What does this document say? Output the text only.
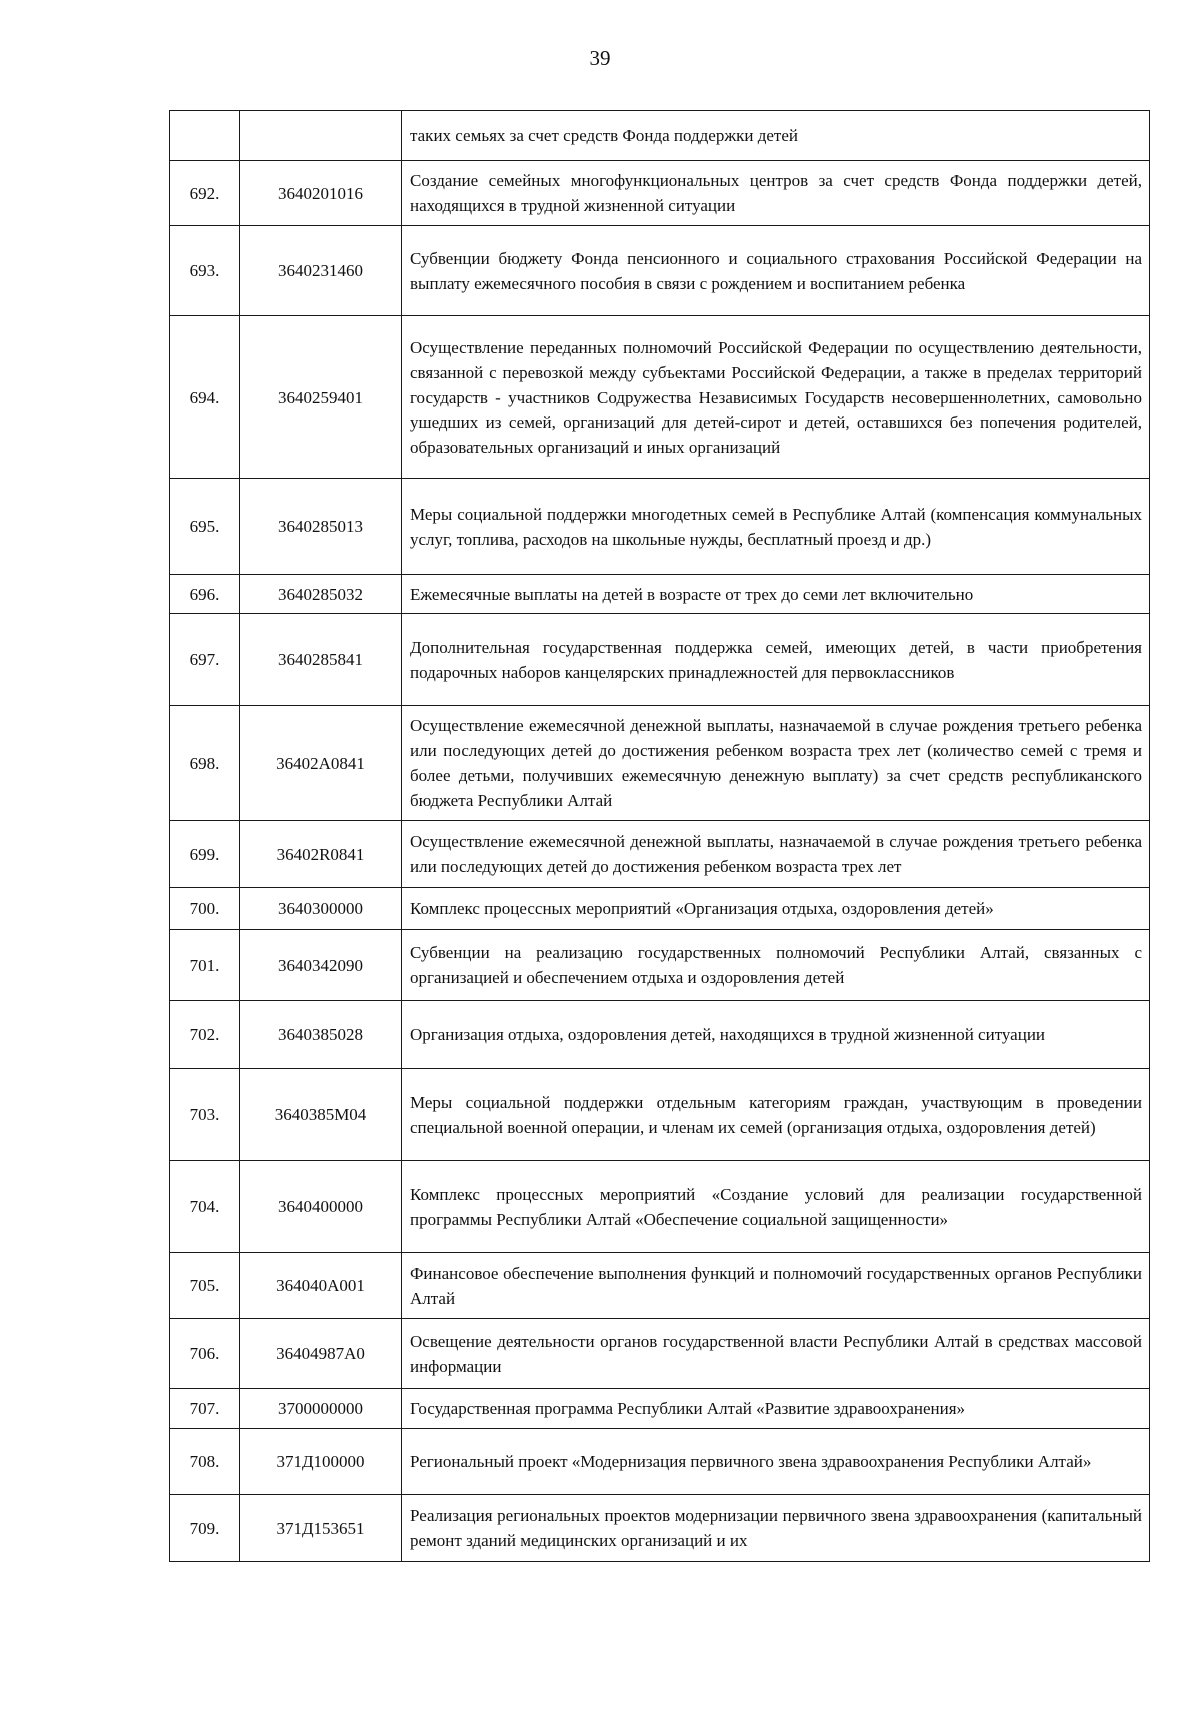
39
		таких семьях за счет средств Фонда поддержки детей
692.	3640201016	Создание семейных многофункциональных центров за счет средств Фонда поддержки детей, находящихся в трудной жизненной ситуации
693.	3640231460	Субвенции бюджету Фонда пенсионного и социального страхования Российской Федерации на выплату ежемесячного пособия в связи с рождением и воспитанием ребенка
694.	3640259401	Осуществление переданных полномочий Российской Федерации по осуществлению деятельности, связанной с перевозкой между субъектами Российской Федерации, а также в пределах территорий государств - участников Содружества Независимых Государств несовершеннолетних, самовольно ушедших из семей, организаций для детей-сирот и детей, оставшихся без попечения родителей, образовательных организаций и иных организаций
695.	3640285013	Меры социальной поддержки многодетных семей в Республике Алтай (компенсация коммунальных услуг, топлива, расходов на школьные нужды, бесплатный проезд и др.)
696.	3640285032	Ежемесячные выплаты на детей в возрасте от трех до семи лет включительно
697.	3640285841	Дополнительная государственная поддержка семей, имеющих детей, в части приобретения подарочных наборов канцелярских принадлежностей для первоклассников
698.	36402А0841	Осуществление ежемесячной денежной выплаты, назначаемой в случае рождения третьего ребенка или последующих детей до достижения ребенком возраста трех лет (количество семей с тремя и более детьми, получивших ежемесячную денежную выплату) за счет средств республиканского бюджета Республики Алтай
699.	36402R0841	Осуществление ежемесячной денежной выплаты, назначаемой в случае рождения третьего ребенка или последующих детей до достижения ребенком возраста трех лет
700.	3640300000	Комплекс процессных мероприятий «Организация отдыха, оздоровления детей»
701.	3640342090	Субвенции на реализацию государственных полномочий Республики Алтай, связанных с организацией и обеспечением отдыха и оздоровления детей
702.	3640385028	Организация отдыха, оздоровления детей, находящихся в трудной жизненной ситуации
703.	3640385M04	Меры социальной поддержки отдельным категориям граждан, участвующим в проведении специальной военной операции, и членам их семей (организация отдыха, оздоровления детей)
704.	3640400000	Комплекс процессных мероприятий «Создание условий для реализации государственной программы Республики Алтай «Обеспечение социальной защищенности»
705.	364040A001	Финансовое обеспечение выполнения функций и полномочий государственных органов Республики Алтай
706.	36404987A0	Освещение деятельности органов государственной власти Республики Алтай в средствах массовой информации
707.	3700000000	Государственная программа Республики Алтай «Развитие здравоохранения»
708.	371Д100000	Региональный проект «Модернизация первичного звена здравоохранения Республики Алтай»
709.	371Д153651	Реализация региональных проектов модернизации первичного звена здравоохранения (капитальный ремонт зданий медицинских организаций и их
